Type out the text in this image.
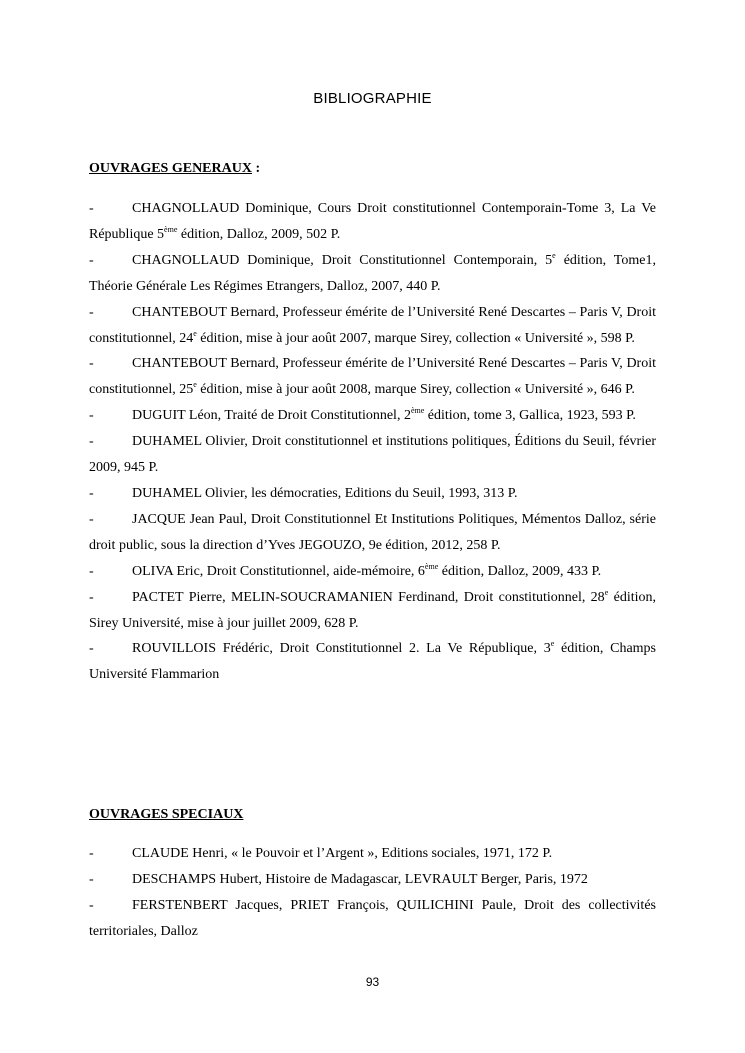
BIBLIOGRAPHIE
OUVRAGES GENERAUX :
-	CHAGNOLLAUD Dominique, Cours Droit constitutionnel Contemporain-Tome 3, La Ve République 5ème édition, Dalloz, 2009, 502 P.
-	CHAGNOLLAUD Dominique, Droit Constitutionnel Contemporain, 5e édition, Tome1, Théorie Générale Les Régimes Etrangers, Dalloz, 2007, 440 P.
-	CHANTEBOUT Bernard, Professeur émérite de l’Université René Descartes – Paris V, Droit constitutionnel, 24e édition, mise à jour août 2007, marque Sirey, collection « Université », 598 P.
-	CHANTEBOUT Bernard, Professeur émérite de l’Université René Descartes – Paris V, Droit constitutionnel, 25e édition, mise à jour août 2008, marque Sirey, collection « Université », 646 P.
-	DUGUIT Léon, Traité de Droit Constitutionnel, 2ème édition, tome 3, Gallica, 1923, 593 P.
-	DUHAMEL Olivier, Droit constitutionnel et institutions politiques, Éditions du Seuil, février 2009, 945 P.
-	DUHAMEL Olivier, les démocraties, Editions du Seuil, 1993, 313 P.
-	JACQUE Jean Paul, Droit Constitutionnel Et Institutions Politiques, Mémentos Dalloz, série droit public, sous la direction d’Yves JEGOUZO, 9e édition, 2012, 258 P.
-	OLIVA Eric, Droit Constitutionnel, aide-mémoire, 6ème édition, Dalloz, 2009, 433 P.
-	PACTET Pierre, MELIN-SOUCRAMANIEN Ferdinand, Droit constitutionnel, 28e édition, Sirey Université, mise à jour juillet 2009, 628 P.
-	ROUVILLOIS Frédéric, Droit Constitutionnel 2. La Ve République, 3e édition, Champs Université Flammarion
OUVRAGES SPECIAUX
-	CLAUDE Henri, « le Pouvoir et l’Argent », Editions sociales, 1971, 172 P.
-	DESCHAMPS Hubert, Histoire de Madagascar, LEVRAULT Berger, Paris, 1972
-	FERSTENBERT Jacques, PRIET François, QUILICHINI Paule, Droit des collectivités territoriales, Dalloz
93
